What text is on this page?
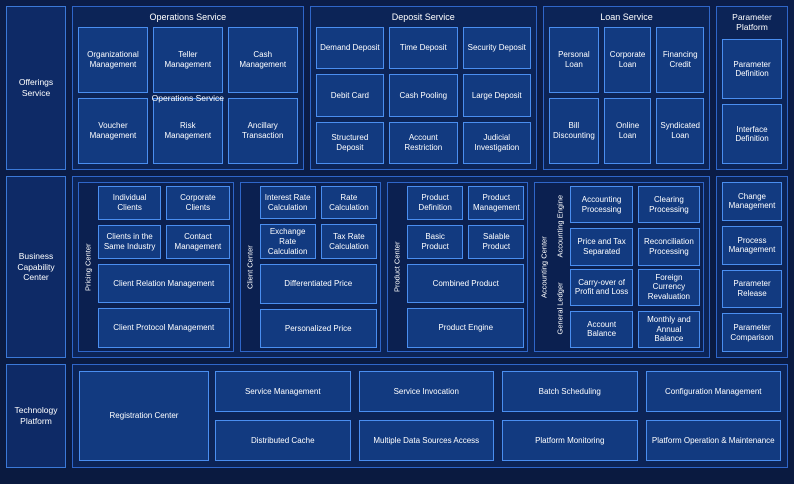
Offerings Service
Operations Service
Organizational Management
Teller Management
Cash Management
Voucher Management
Risk Management
Ancillary Transaction
Operations Service
Deposit Service
Demand Deposit	Time Deposit	Security Deposit
Debit Card	Cash Pooling	Large Deposit
Structured Deposit
Account Restriction
Judicial Investigation
Loan Service
Personal Loan
Corporate Loan
Financing Credit
Bill Discounting
Online Loan
Syndicated Loan
Parameter Platform
Parameter Definition
Interface Definition
Business Capability Center	Pricing Center
Individual Clients
Corporate Clients
Clients in the Same Industry
Contact Management
Client Relation Management
Client Protocol Management
Client Center
Interest Rate Calculation
Rate Calculation
Exchange Rate Calculation
Tax Rate Calculation
Differentiated Price
Personalized Price
Product Center
Product Definition
Product Management
Basic Product
Salable Product
Combined Product
Product Engine
Accounting Center
Accounting Engine	Accounting Processing
Clearing Processing
Price and Tax Separated
Reconciliation Processing
General Ledger
Carry-over of Profit and Loss
Foreign Currency Revaluation
Account Balance
Monthly and Annual Balance
Change Management
Process Management
Parameter Release
Parameter Comparison
Technology Platform
Registration Center
Service Management	Service Invocation	Batch Scheduling	Configuration Management
Distributed Cache	Multiple Data Sources Access	Platform Monitoring	Platform Operation & Maintenance
